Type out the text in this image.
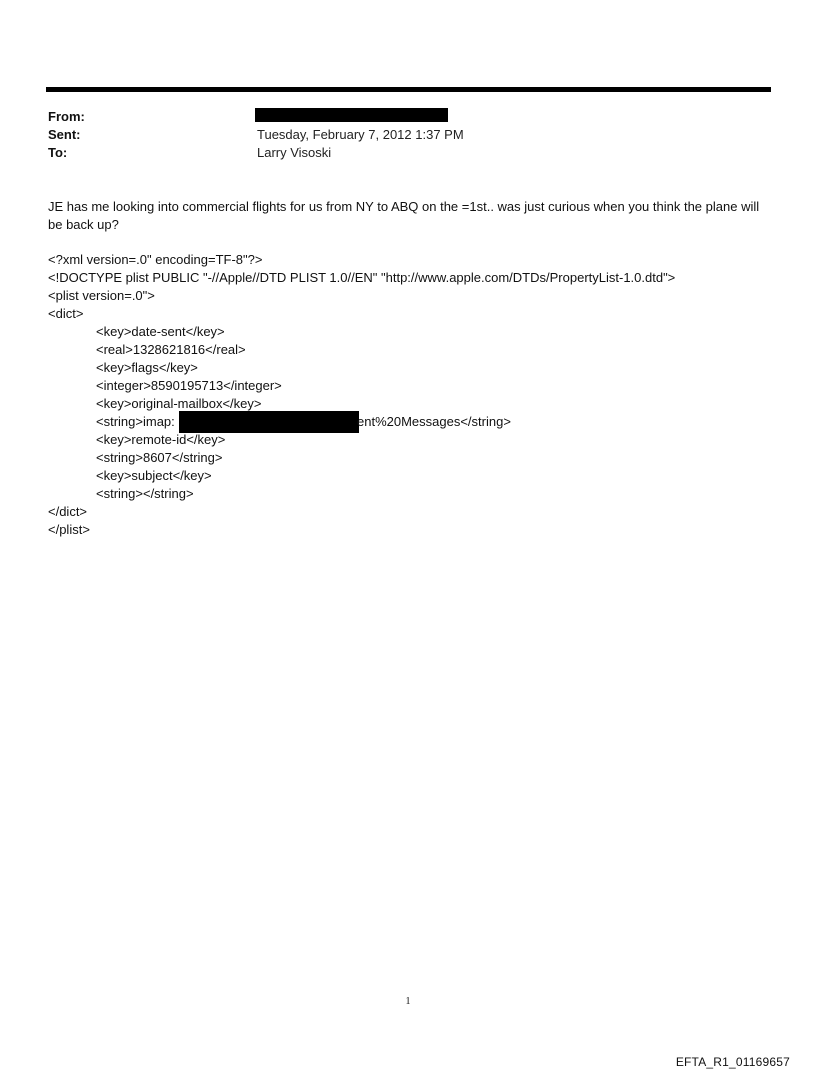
From:
Sent:	Tuesday, February 7, 2012 1:37 PM
To:	Larry Visoski
JE has me looking into commercial flights for us from NY to ABQ on the =1st.. was just curious when you think the plane will be back up?
<?xml version=.0" encoding=TF-8"?>
<!DOCTYPE plist PUBLIC "-//Apple//DTD PLIST 1.0//EN" "http://www.apple.com/DTDs/PropertyList-1.0.dtd">
<plist version=.0">
<dict>
<key>date-sent</key>
<real>1328621816</real>
<key>flags</key>
<integer>8590195713</integer>
<key>original-mailbox</key>
<string>imap:	ent%20Messages</string>
<key>remote-id</key>
<string>8607</string>
<key>subject</key>
<string></string>
</dict>
</plist>
1
EFTA_R1_01169657
